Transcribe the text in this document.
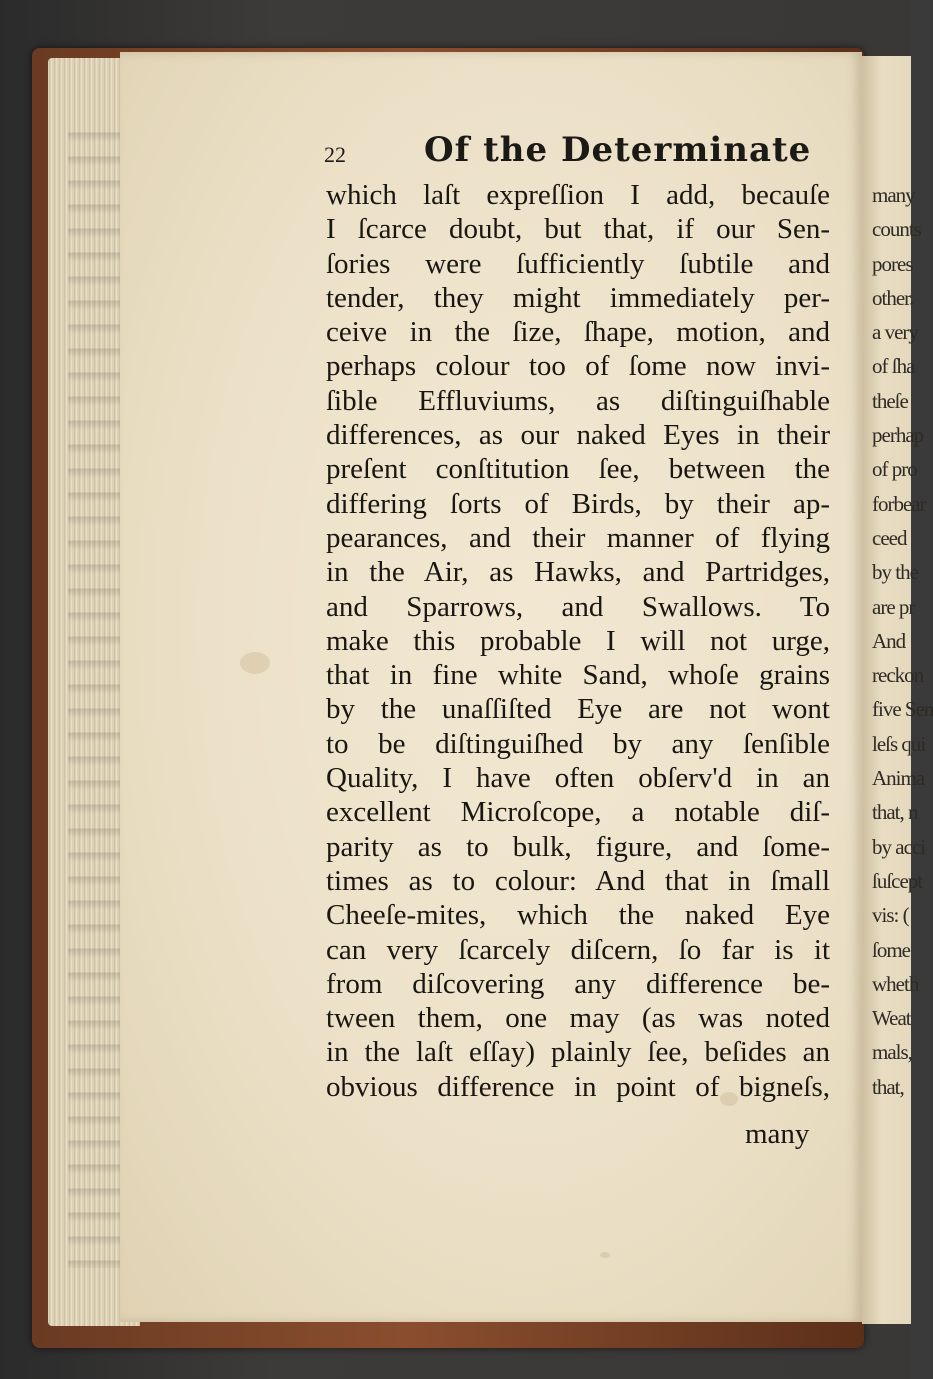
many
counts
pores
other.
a very
of ſha
theſe
perhap
of pro
forbear
ceed
by the
are pr
And
reckon
five Sen
leſs qui
Anima
that, n
by acci
ſuſcept
vis: (
ſome
wheth
Weat
mals,
that,
22 Of the Determinate
which laſt expreſſion I add, becauſe
I ſcarce doubt, but that, if our Sen-
ſories were ſufficiently ſubtile and
tender, they might immediately per-
ceive in the ſize, ſhape, motion, and
perhaps colour too of ſome now invi-
ſible Effluviums, as diſtinguiſhable
differences, as our naked Eyes in their
preſent conſtitution ſee, between the
differing ſorts of Birds, by their ap-
pearances, and their manner of flying
in the Air, as Hawks, and Partridges,
and Sparrows, and Swallows. To
make this probable I will not urge,
that in fine white Sand, whoſe grains
by the unaſſiſted Eye are not wont
to be diſtinguiſhed by any ſenſible
Quality, I have often obſerv'd in an
excellent Microſcope, a notable diſ-
parity as to bulk, figure, and ſome-
times as to colour: And that in ſmall
Cheeſe-mites, which the naked Eye
can very ſcarcely diſcern, ſo far is it
from diſcovering any difference be-
tween them, one may (as was noted
in the laſt eſſay) plainly ſee, beſides an
obvious difference in point of bigneſs,
many
